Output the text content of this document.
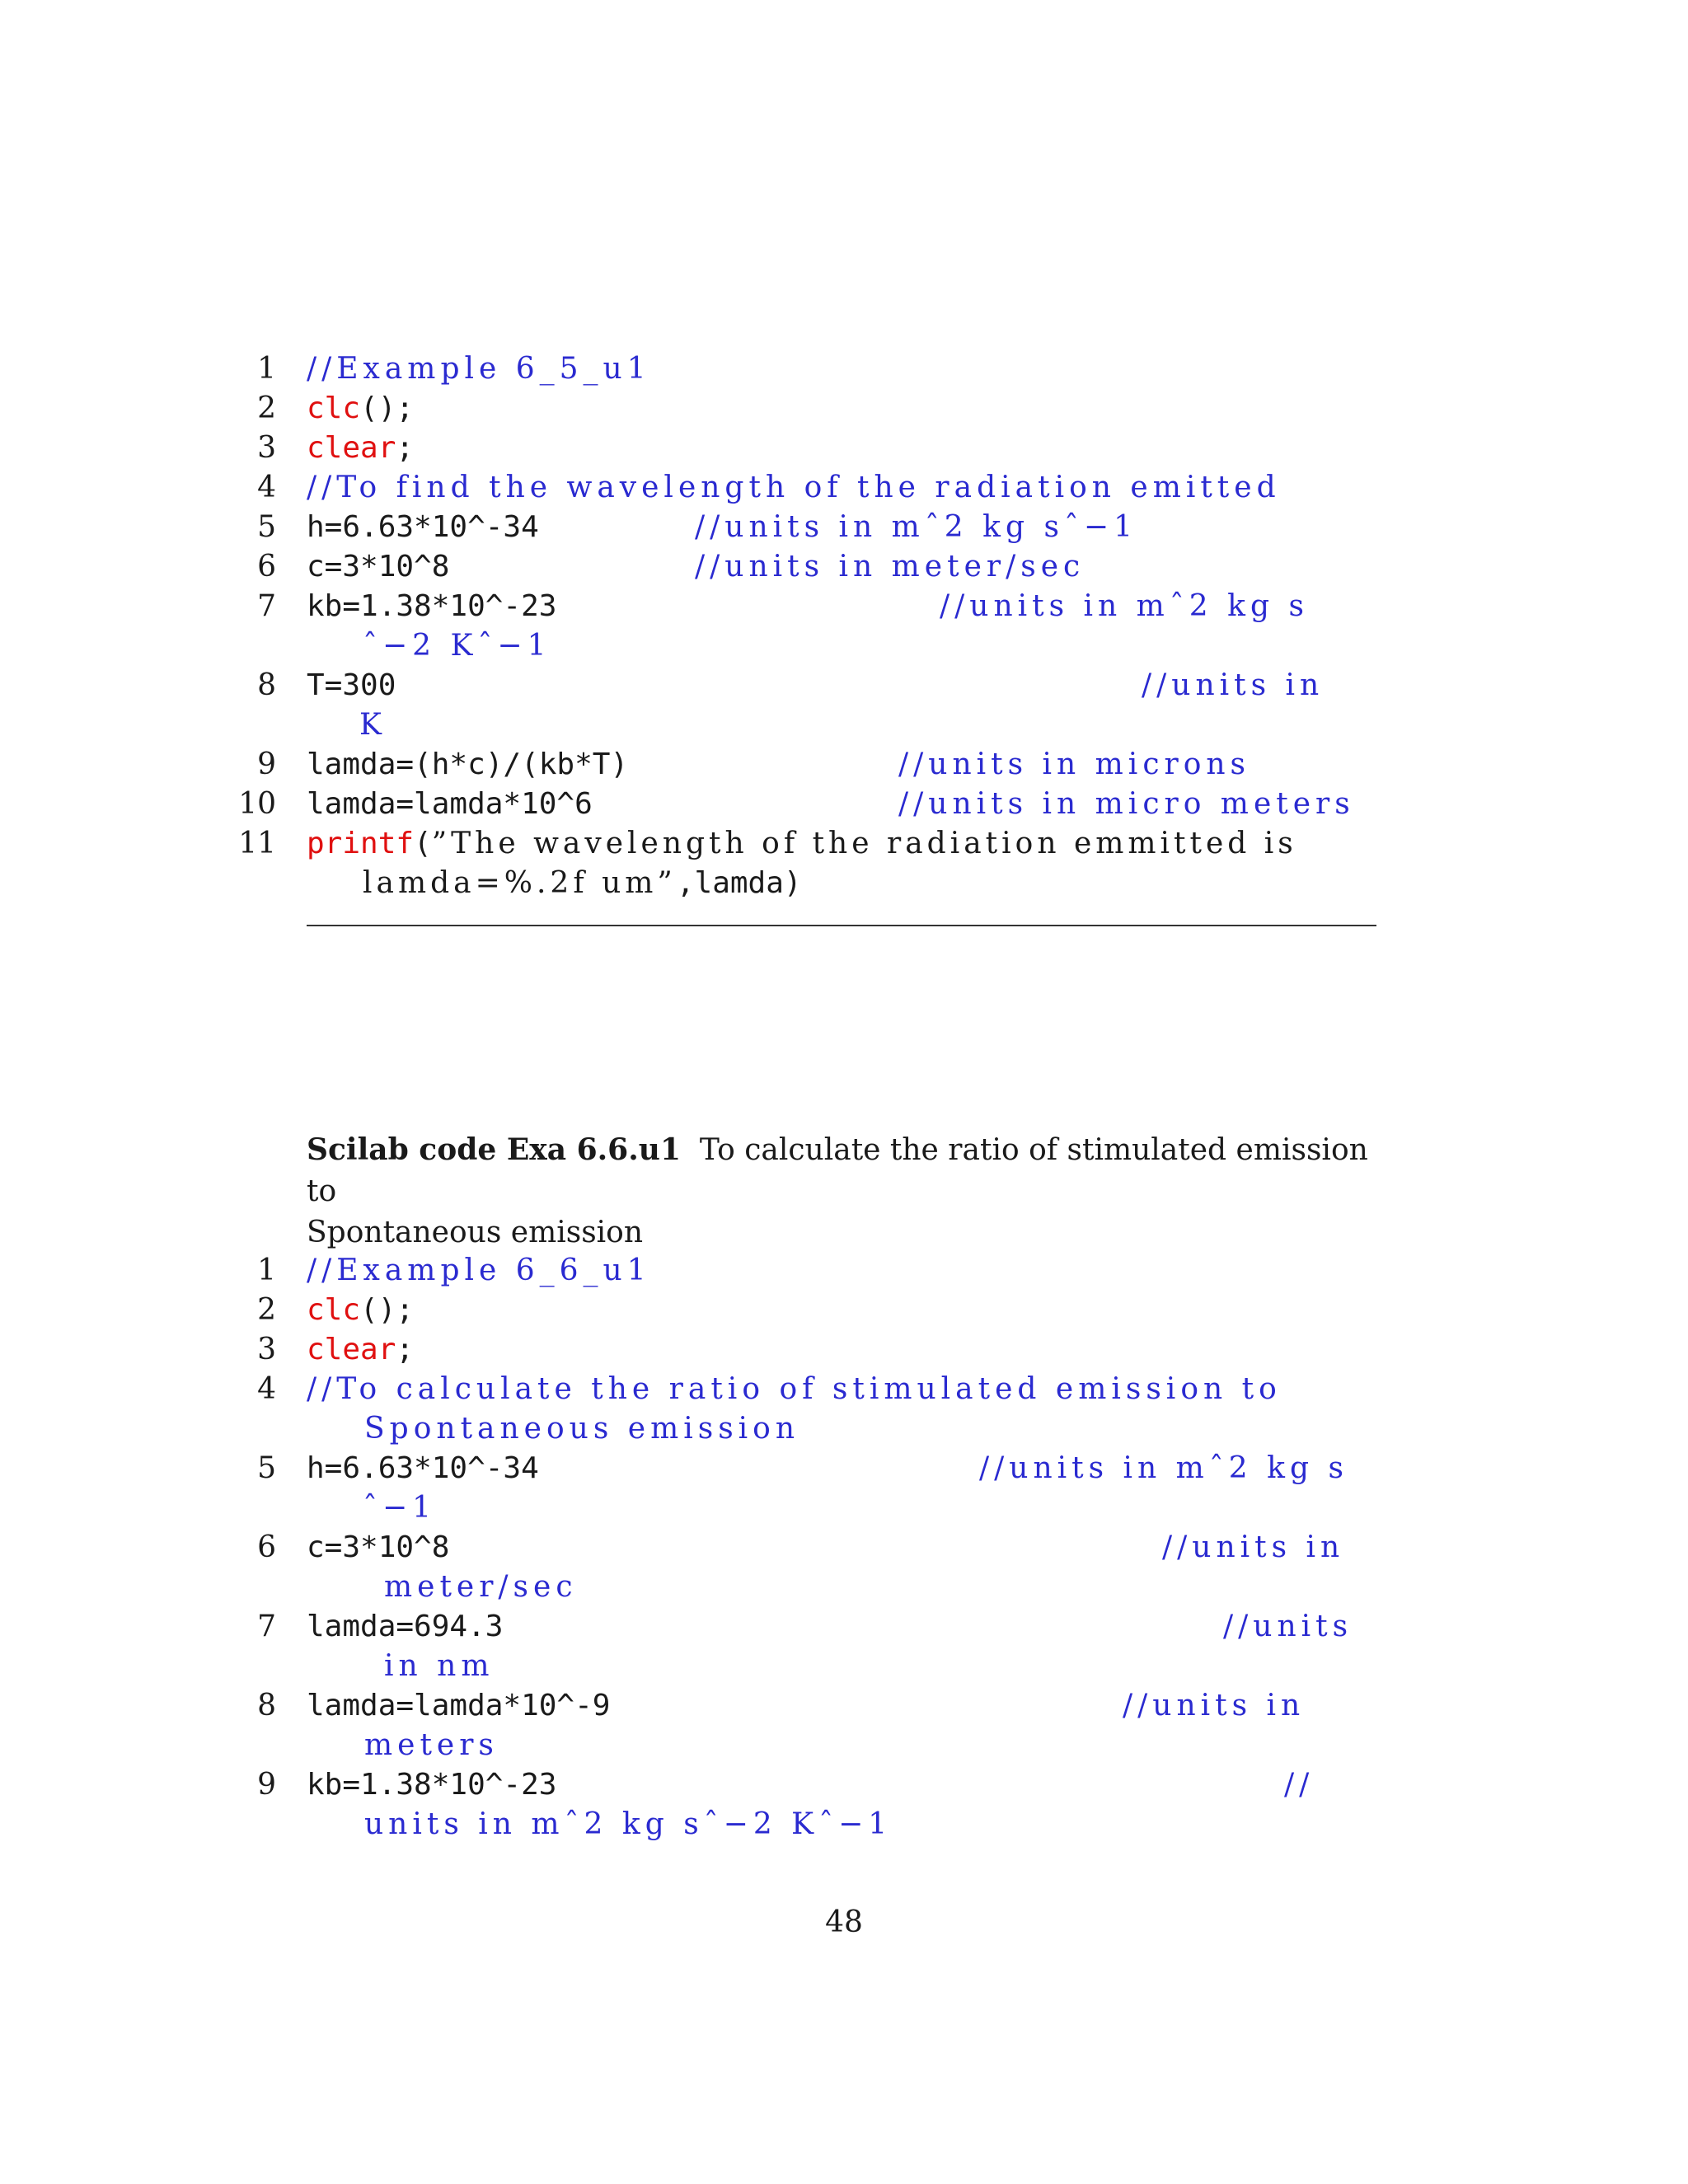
1

//Example 6_5_u1

2

clc();

3

clear;

4

//To find the wavelength of the radiation emitted

5

h=6.63*10^-34

	//units in mˆ2 kg sˆ−1

6

c=3*10^8

	//units in meter/sec

7

kb=1.38*10^-23

	//units in mˆ2 kg s

ˆ−2 Kˆ−1

8

T=300

	//units in

K

9

lamda=(h*c)/(kb*T)

	//units in microns

10

lamda=lamda*10^6

	//units in micro meters

11

printf(”The wavelength of the radiation emmitted is

lamda=%.2f um”,lamda)

Scilab code Exa 6.6.u1 To calculate the ratio of stimulated emission to
Spontaneous emission

1

//Example 6_6_u1

2

clc();

3

clear;

4

//To calculate the ratio of stimulated emission to

Spontaneous emission

5

h=6.63*10^-34

	//units in mˆ2 kg s

ˆ−1

6

c=3*10^8

	//units in

meter/sec

7

lamda=694.3

	//units

in nm

8

lamda=lamda*10^-9

	//units in

meters

9

kb=1.38*10^-23

	//

units in mˆ2 kg sˆ−2 Kˆ−1

48
